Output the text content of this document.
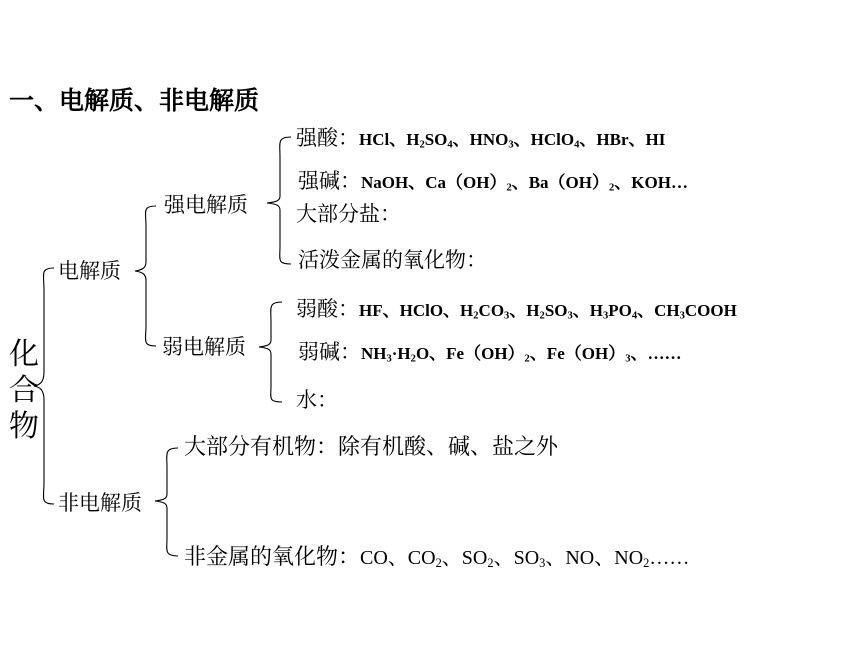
一、电解质、非电解质
化合物
电解质
非电解质
强电解质
弱电解质
强酸：HCl、$H_2SO_4$、$HNO_3$、HClO$_4$、HBr、HI
强碱：NaOH、$Ca(OH)_2$、$Ba(OH)_2$、KOH…
大部分盐：
活泼金属的氧化物：
弱酸：HF、HClO、$H_2CO_3$、$H_2SO_3$、$H_3PO_4$、$CH_3COOH$
弱碱：$NH_3\cdot H_2O$、$Fe(OH)_2$、$Fe(OH)_3$、……
水：
大部分有机物：除有机酸、碱、盐之外
非金属的氧化物：CO、$CO_2$、$SO_2$、$SO_3$、NO、$NO_2\dots\dots$
